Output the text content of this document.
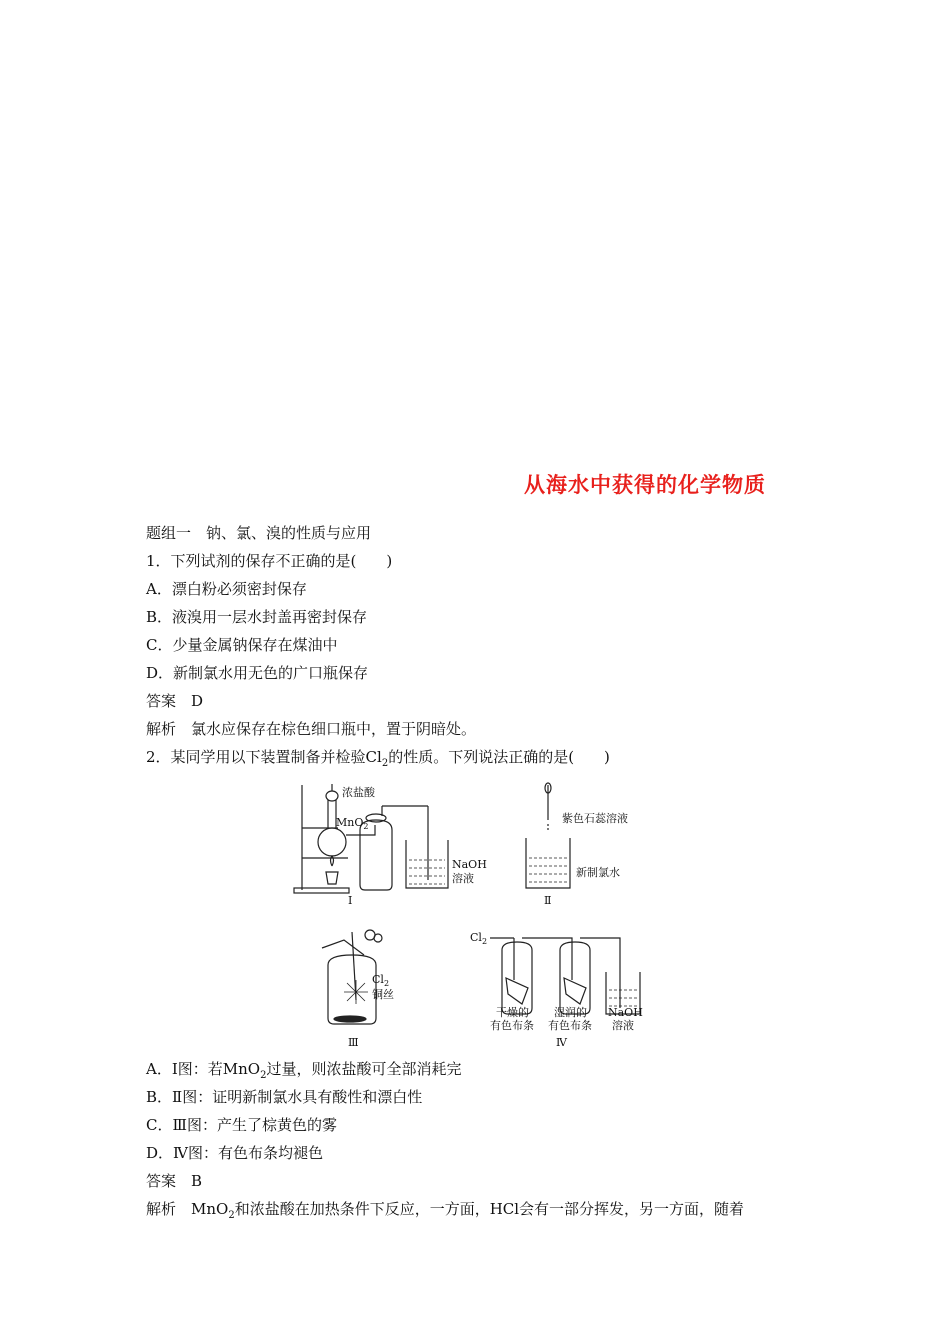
从海水中获得的化学物质
题组一　钠、氯、溴的性质与应用
1．下列试剂的保存不正确的是(　　)
A．漂白粉必须密封保存
B．液溴用一层水封盖再密封保存
C．少量金属钠保存在煤油中
D．新制氯水用无色的广口瓶保存
答案　D
解析　氯水应保存在棕色细口瓶中，置于阴暗处。
2．某同学用以下装置制备并检验$Cl_2$的性质。下列说法正确的是(　　)
浓盐酸
MnO$_2$
NaOH
溶液
Ⅰ
紫色石蕊溶液
新制氯水
Ⅱ
$Cl_2$
铜丝
Ⅲ
$Cl_2$
干燥的
有色布条
湿润的
有色布条
NaOH
溶液
Ⅳ
A．Ⅰ图：若MnO$_2$过量，则浓盐酸可全部消耗完
B．Ⅱ图：证明新制氯水具有酸性和漂白性
C．Ⅲ图：产生了棕黄色的雾
D．Ⅳ图：有色布条均褪色
答案　B
解析　MnO$_2$和浓盐酸在加热条件下反应，一方面，HCl会有一部分挥发，另一方面，随着
